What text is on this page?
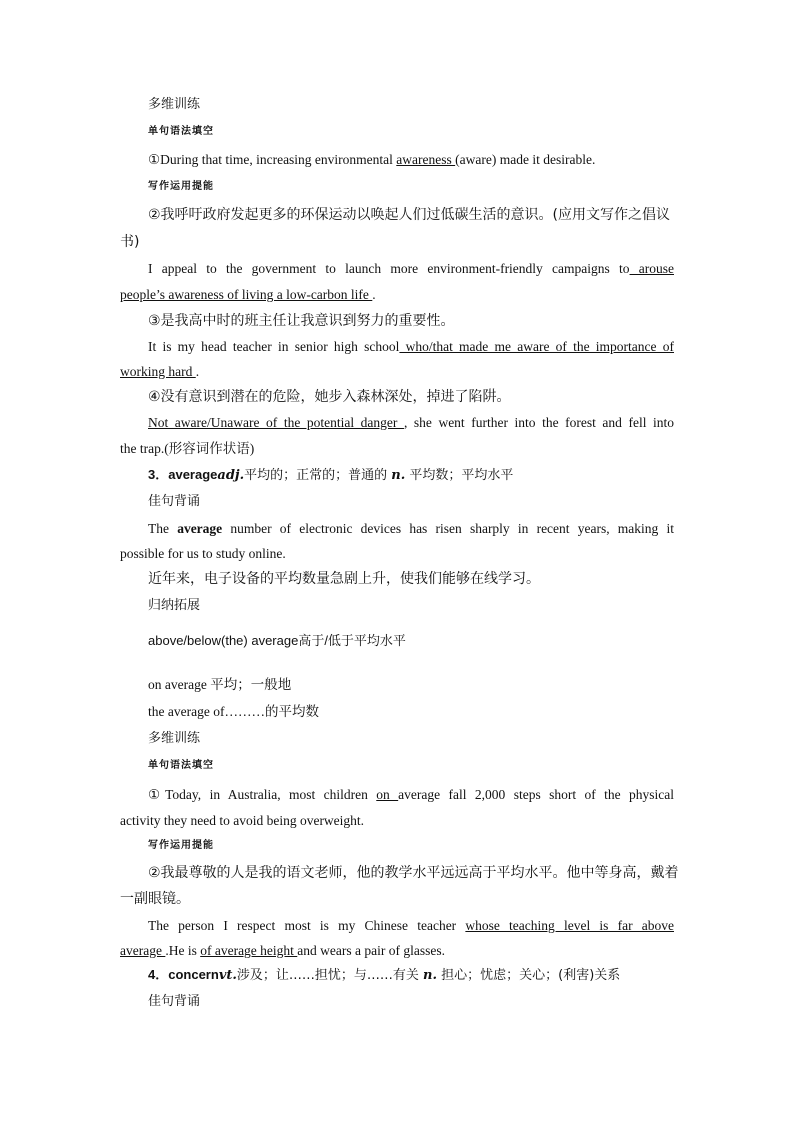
多维训练
单句语法填空
①During that time, increasing environmental awareness (aware) made it desirable.
写作运用提能
②我呼吁政府发起更多的环保运动以唤起人们过低碳生活的意识。(应用文写作之倡议
书)
I appeal to the government to launch more environment-friendly campaigns to arouse
people’s awareness of living a low-carbon life .
③是我高中时的班主任让我意识到努力的重要性。
It is my head teacher in senior high school who/that made me aware of the importance of
working hard .
④没有意识到潜在的危险，她步入森林深处，掉进了陷阱。
Not aware/Unaware of the potential danger , she went further into the forest and fell into
the trap.(形容词作状语)
3．averageadj.平均的；正常的；普通的 n. 平均数；平均水平
佳句背诵
The average number of electronic devices has risen sharply in recent years, making it
possible for us to study online.
近年来，电子设备的平均数量急剧上升，使我们能够在线学习。
归纳拓展
above/below(the) average高于/低于平均水平
on average 平均；一般地
the average of………的平均数
多维训练
单句语法填空
①Today, in Australia, most children on average fall 2,000 steps short of the physical
activity they need to avoid being overweight.
写作运用提能
②我最尊敬的人是我的语文老师，他的教学水平远远高于平均水平。他中等身高，戴着
一副眼镜。
The person I respect most is my Chinese teacher whose teaching level is far above
average .He is of average height and wears a pair of glasses.
4．concernvt.涉及；让……担忧；与……有关 n. 担心；忧虑；关心；(利害)关系
佳句背诵
